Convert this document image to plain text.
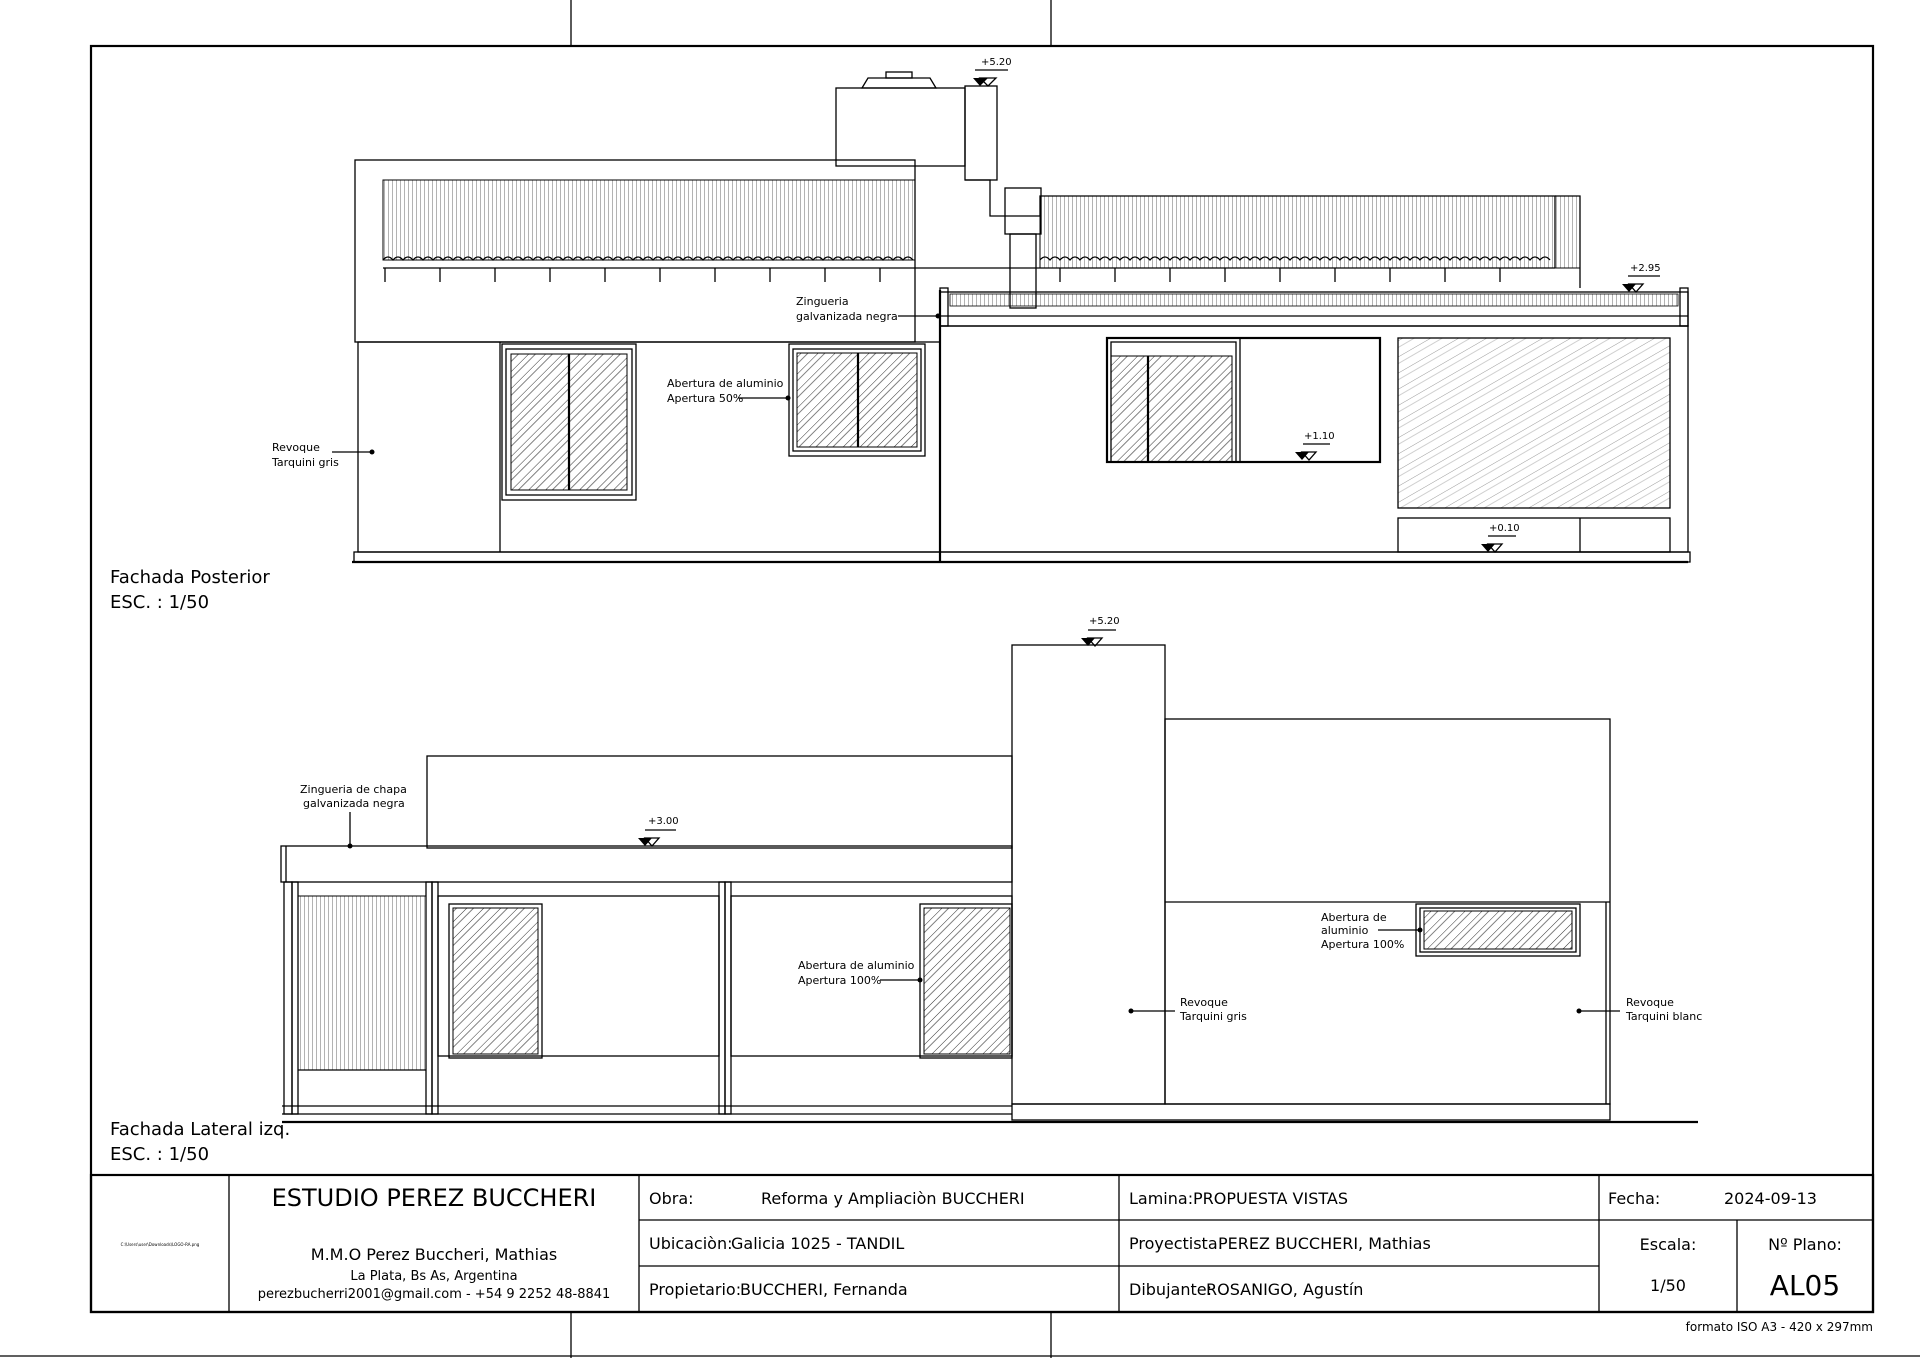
+5.20
+2.95
+1.10
+0.10
Zingueria
galvanizada negra
Abertura de aluminio
Apertura 50%
Revoque
Tarquini gris
Fachada Posterior
ESC. : 1/50
+5.20
+3.00
Zingueria de chapa
galvanizada negra
Abertura de aluminio
Apertura 100%
Abertura de
aluminio
Apertura 100%
Revoque
Tarquini gris
Revoque
Tarquini blanc
Fachada Lateral izq.
ESC. : 1/50
C:\Users\user\Downloads\LOGO-RA.png
ESTUDIO PEREZ BUCCHERI
M.M.O Perez Buccheri, Mathias
La Plata, Bs As, Argentina
perezbucherri2001@gmail.com - +54 9 2252 48-8841
Obra:	Reforma y Ampliaciòn BUCCHERI
Ubicaciòn:
Galicia 1025 - TANDIL
Propietario:
BUCCHERI, Fernanda
Lamina: PROPUESTA VISTAS
Proyectista:
PEREZ BUCCHERI, Mathias
Dibujante:
ROSANIGO, Agustín
Fecha:	2024-09-13
Escala:
1/50
Nº Plano:
AL05
formato ISO A3 - 420 x 297mm
